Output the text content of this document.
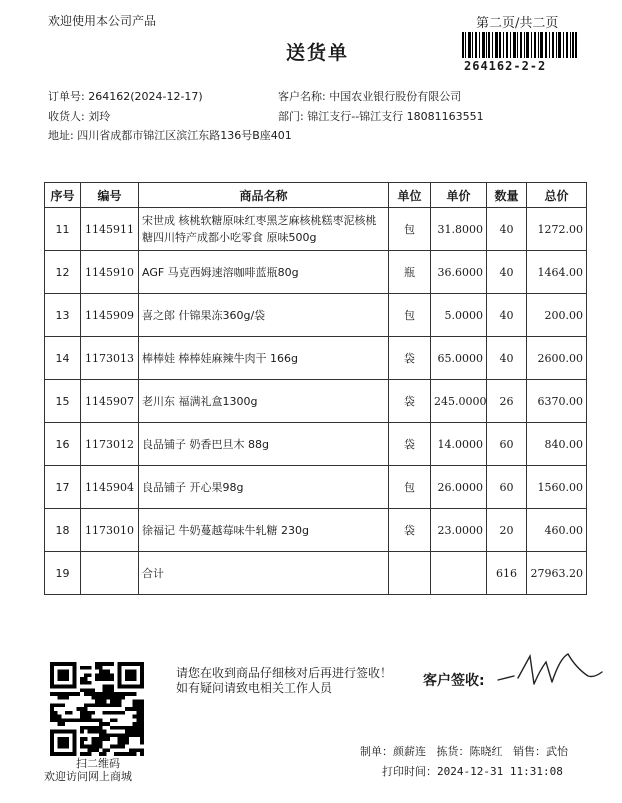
欢迎使用本公司产品	第二页/共二页
送货单
264162-2-2
订单号: 264162(2024-12-17)	客户名称: 中国农业银行股份有限公司
收货人: 刘玲	部门: 锦江支行--锦江支行 18081163551
地址: 四川省成都市锦江区滨江东路136号B座401
序号	编号	商品名称	单位	单价	数量	总价
11	1145911	宋世成 核桃软糖原味红枣黑芝麻核桃糕枣泥核桃糖四川特产成都小吃零食 原味500g	包	31.8000	40	1272.00
12	1145910	AGF 马克西姆速溶咖啡蓝瓶80g	瓶	36.6000	40	1464.00
13	1145909	喜之郎 什锦果冻360g/袋	包	5.0000	40	200.00
14	1173013	棒棒娃 棒棒娃麻辣牛肉干 166g	袋	65.0000	40	2600.00
15	1145907	老川东 福满礼盒1300g	袋	245.0000	26	6370.00
16	1173012	良品铺子 奶香巴旦木 88g	袋	14.0000	60	840.00
17	1145904	良品铺子 开心果98g	包	26.0000	60	1560.00
18	1173010	徐福记 牛奶蔓越莓味牛轧糖 230g	袋	23.0000	20	460.00
19		合计			616	27963.20
扫二维码
欢迎访问网上商城
请您在收到商品仔细核对后再进行签收！如有疑问请致电相关工作人员	客户签收:
制单：颜薪连 拣货：陈晓红 销售：武怡
打印时间：2024-12-31 11:31:08
